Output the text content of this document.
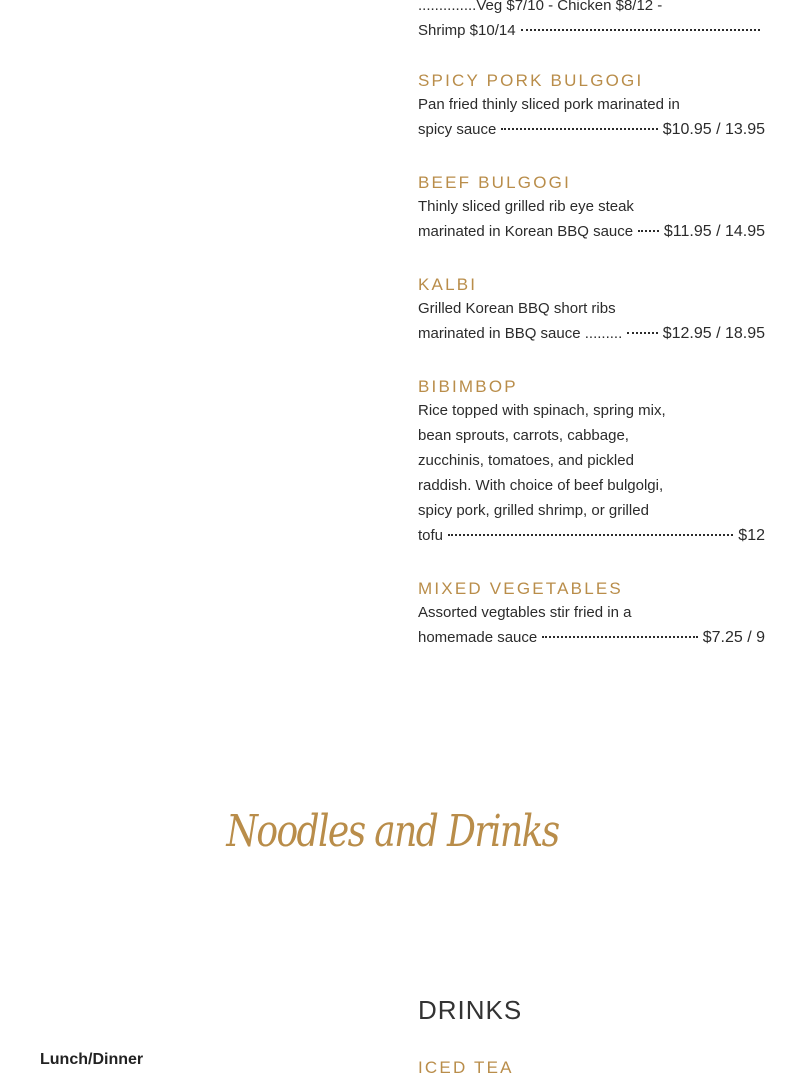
..............Veg $7/10 - Chicken $8/12 -
Shrimp $10/14
SPICY PORK BULGOGI
Pan fried thinly sliced pork marinated in
spicy sauce	$10.95 / 13.95
BEEF BULGOGI
Thinly sliced grilled rib eye steak
marinated in Korean BBQ sauce $11.95 / 14.95
KALBI
Grilled Korean BBQ short ribs
marinated in BBQ sauce .........	$12.95 / 18.95
BIBIMBOP
Rice topped with spinach, spring mix,
bean sprouts, carrots, cabbage,
zucchinis, tomatoes, and pickled
raddish. With choice of beef bulgolgi,
spicy pork, grilled shrimp, or grilled
tofu	$12
MIXED VEGETABLES
Assorted vegtables stir fried in a
homemade sauce	$7.25 / 9
Noodles and Drinks
DRINKS
ICED TEA
Lunch/Dinner
